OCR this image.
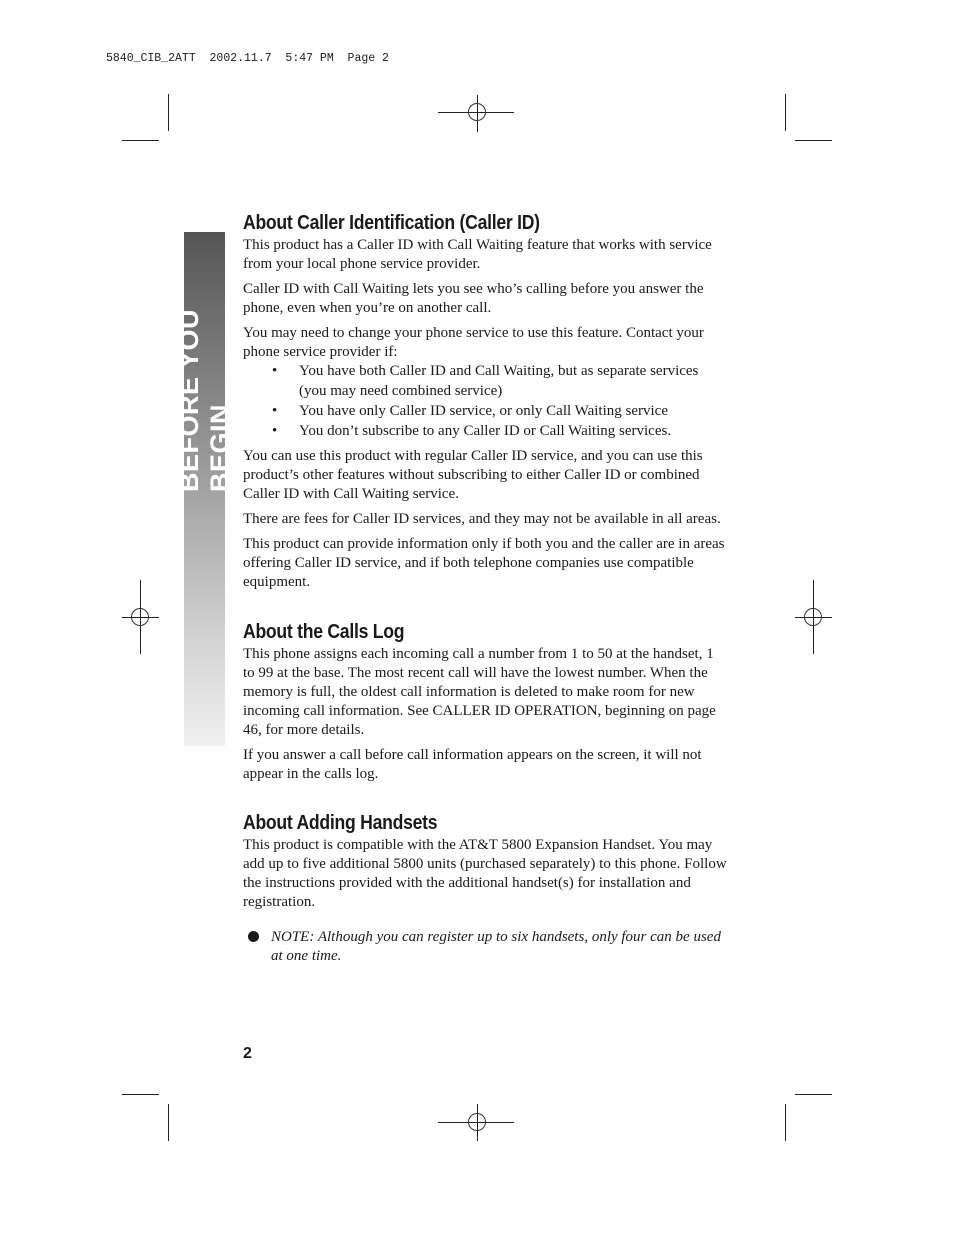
5840_CIB_2ATT  2002.11.7  5:47 PM  Page 2
BEFORE YOU BEGIN
About Caller Identification (Caller ID)

This product has a Caller ID with Call Waiting feature that works with service from your local phone service provider.

Caller ID with Call Waiting lets you see who’s calling before you answer the phone, even when you’re on another call.

You may need to change your phone service to use this feature. Contact your phone service provider if:

• You have both Caller ID and Call Waiting, but as separate services (you may need combined service)
• You have only Caller ID service, or only Call Waiting service
• You don’t subscribe to any Caller ID or Call Waiting services.

You can use this product with regular Caller ID service, and you can use this product’s other features without subscribing to either Caller ID or combined Caller ID with Call Waiting service.

There are fees for Caller ID services, and they may not be available in all areas.

This product can provide information only if both you and the caller are in areas offering Caller ID service, and if both telephone companies use compatible equipment.

About the Calls Log

This phone assigns each incoming call a number from 1 to 50 at the handset, 1 to 99 at the base. The most recent call will have the lowest number. When the memory is full, the oldest call information is deleted to make room for new incoming call information. See CALLER ID OPERATION, beginning on page 46, for more details.

If you answer a call before call information appears on the screen, it will not appear in the calls log.

About Adding Handsets

This product is compatible with the AT&T 5800 Expansion Handset. You may add up to five additional 5800 units (purchased separately) to this phone. Follow the instructions provided with the additional handset(s) for installation and registration.

NOTE: Although you can register up to six handsets, only four can be used at one time.
2
